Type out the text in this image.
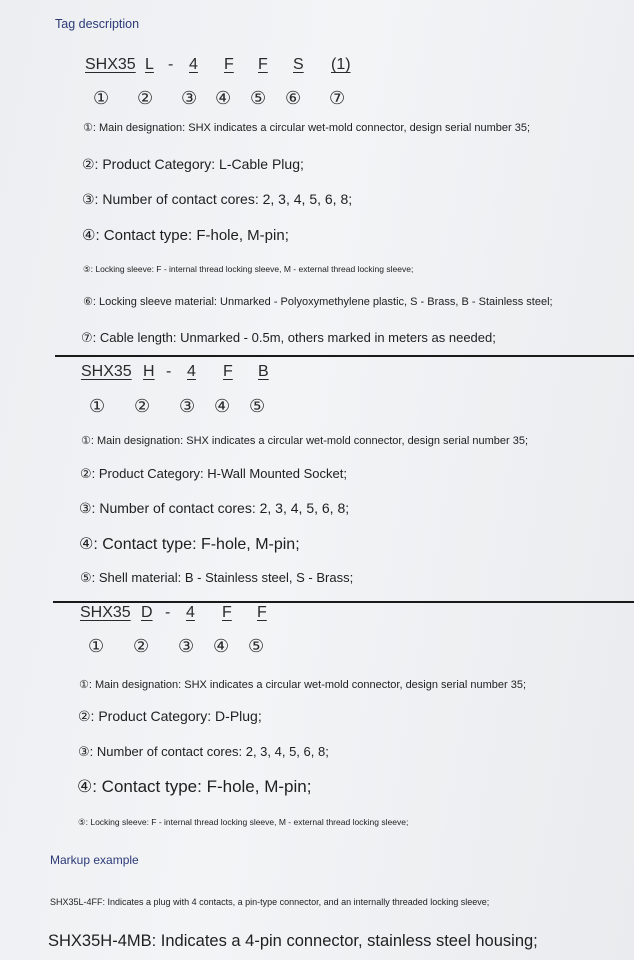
Tag description
SHX35 L - 4 F F S (1)
① ② ③ ④ ⑤ ⑥ ⑦
①: Main designation: SHX indicates a circular wet-mold connector, design serial number 35;
②: Product Category: L-Cable Plug;
③: Number of contact cores: 2, 3, 4, 5, 6, 8;
④: Contact type: F-hole, M-pin;
⑤: Locking sleeve: F - internal thread locking sleeve, M - external thread locking sleeve;
⑥: Locking sleeve material: Unmarked - Polyoxymethylene plastic, S - Brass, B - Stainless steel;
⑦: Cable length: Unmarked - 0.5m, others marked in meters as needed;
SHX35 H - 4 F B
① ② ③ ④ ⑤
①: Main designation: SHX indicates a circular wet-mold connector, design serial number 35;
②: Product Category: H-Wall Mounted Socket;
③: Number of contact cores: 2, 3, 4, 5, 6, 8;
④: Contact type: F-hole, M-pin;
⑤: Shell material: B - Stainless steel, S - Brass;
SHX35 D - 4 F F
① ② ③ ④ ⑤
①: Main designation: SHX indicates a circular wet-mold connector, design serial number 35;
②: Product Category: D-Plug;
③: Number of contact cores: 2, 3, 4, 5, 6, 8;
④: Contact type: F-hole, M-pin;
⑤: Locking sleeve: F - internal thread locking sleeve, M - external thread locking sleeve;
Markup example
SHX35L-4FF: Indicates a plug with 4 contacts, a pin-type connector, and an internally threaded locking sleeve;
SHX35H-4MB: Indicates a 4-pin connector, stainless steel housing;
